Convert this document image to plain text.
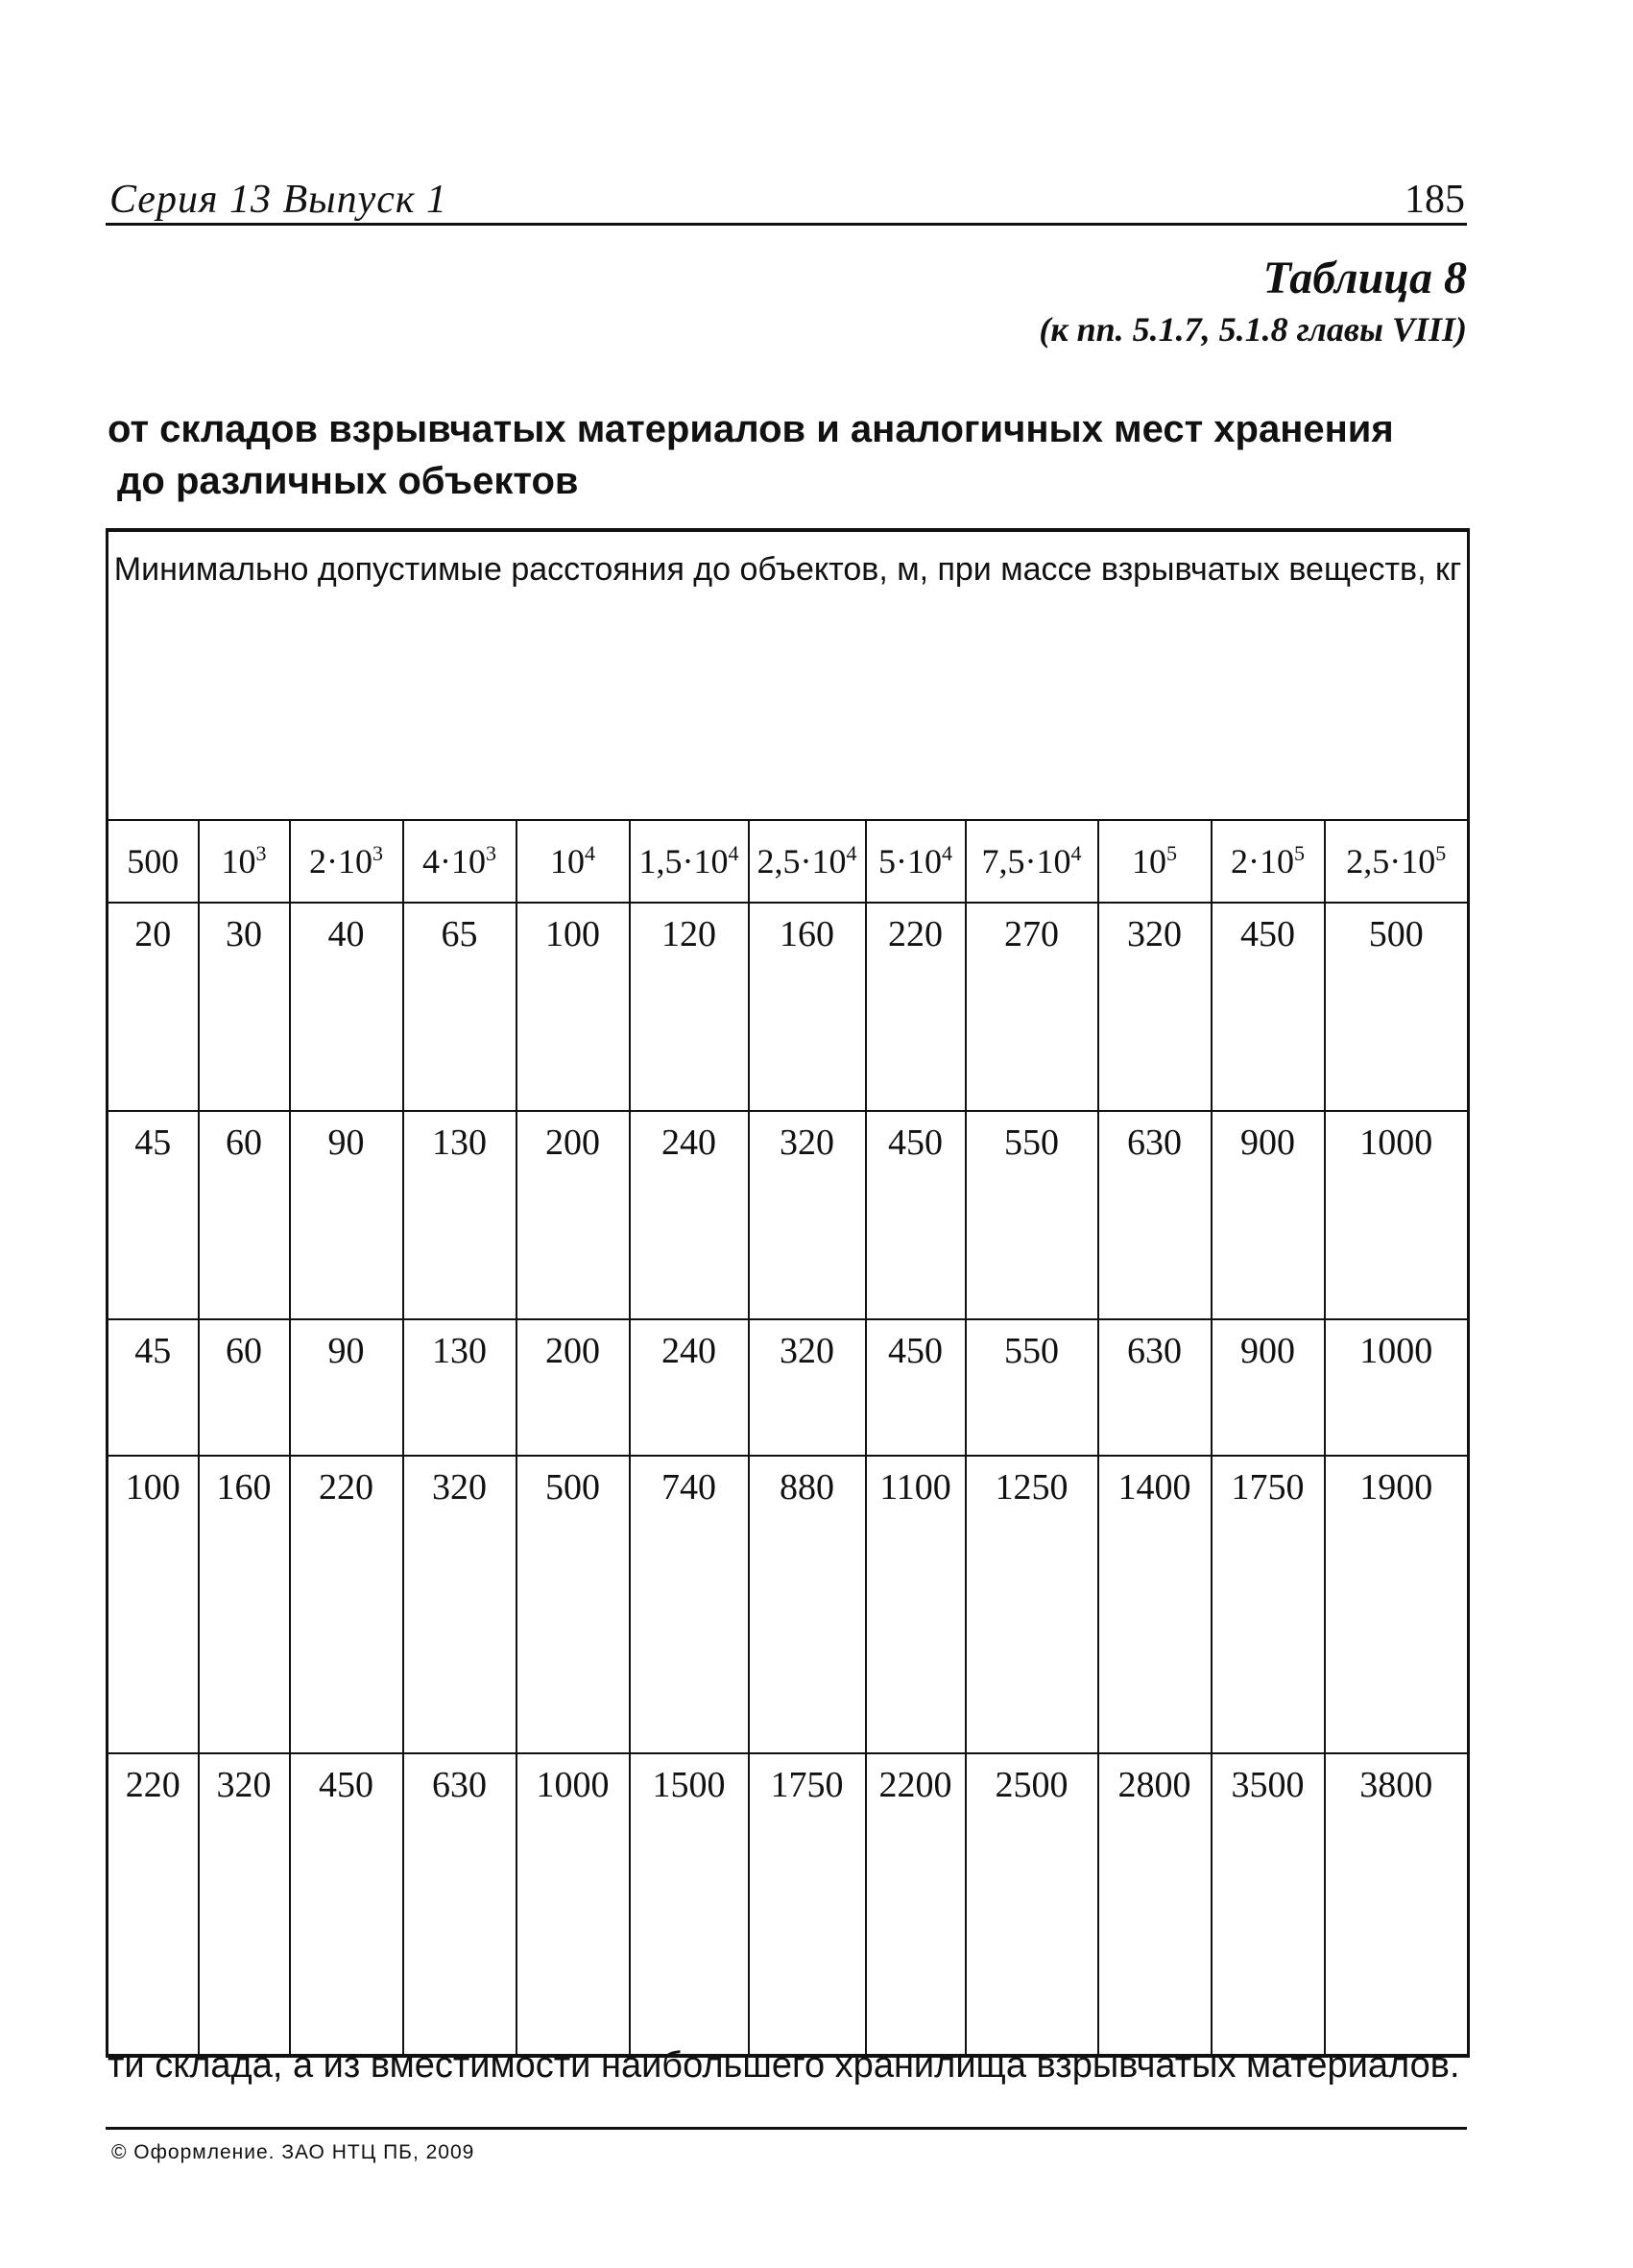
Серия 13 Выпуск 1	185
Таблица 8
(к пп. 5.1.7, 5.1.8 главы VIII)
от складов взрывчатых материалов и аналогичных мест хранения
до различных объектов
Минимально допустимые расстояния до объектов, м, при массе взрывчатых веществ, кг											
500	$10^3$	$2\cdot 10^3$	$4\cdot 10^3$	$10^4$	$1,5\cdot 10^4$	$2,5\cdot 10^4$	$5\cdot 10^4$	$7,5\cdot 10^4$	$10^5$	$2\cdot 10^5$	$2,5\cdot 10^5$
20	30	40	65	100	120	160	220	270	320	450	500
45	60	90	130	200	240	320	450	550	630	900	1000
45	60	90	130	200	240	320	450	550	630	900	1000
100	160	220	320	500	740	880	1100	1250	1400	1750	1900
220	320	450	630	1000	1500	1750	2200	2500	2800	3500	3800
ти склада, а из вместимости наибольшего хранилища взрывчатых материалов.
© Оформление. ЗАО НТЦ ПБ, 2009
